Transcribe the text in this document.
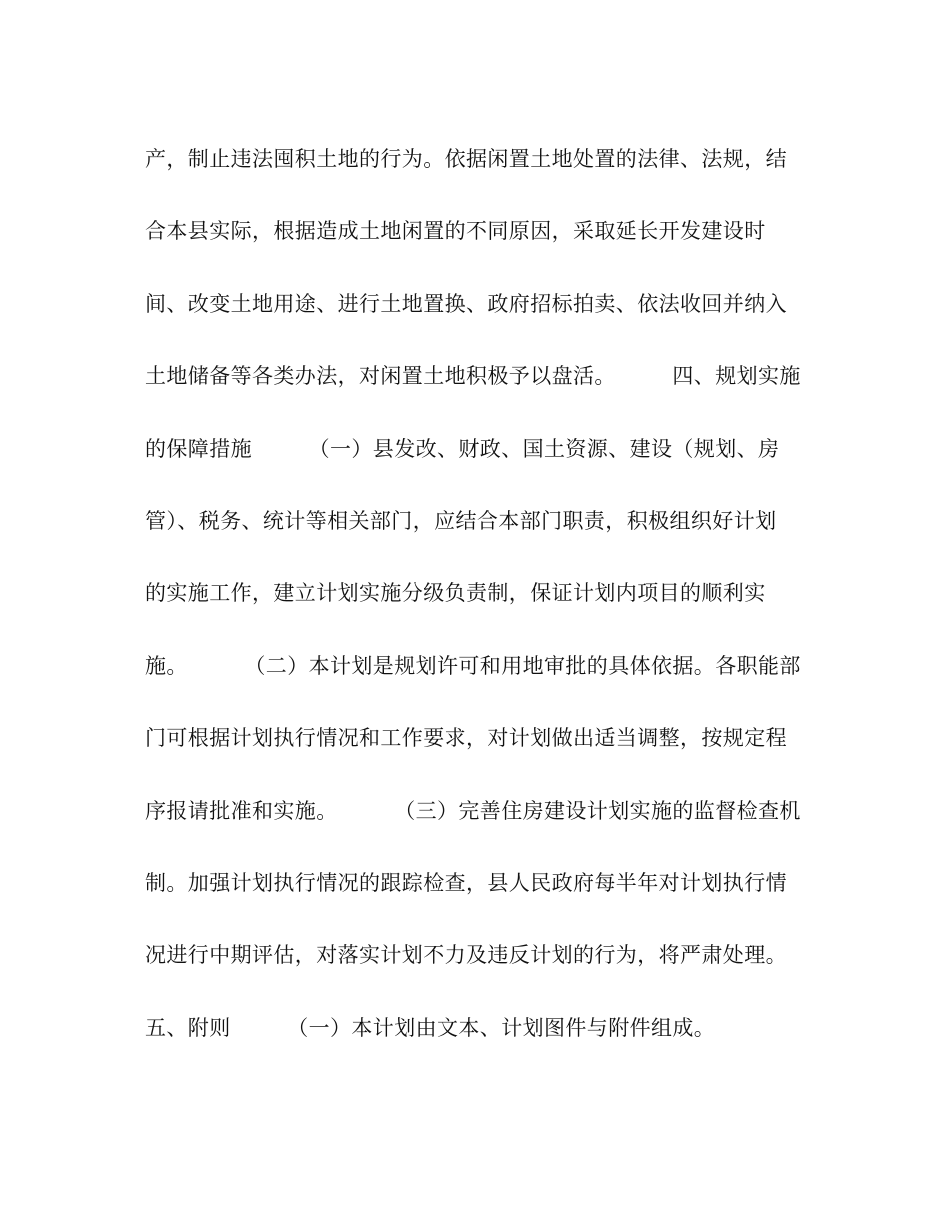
产，制止违法囤积土地的行为。依据闲置土地处置的法律、法规，结
合本县实际，根据造成土地闲置的不同原因，采取延长开发建设时
间、改变土地用途、进行土地置换、政府招标拍卖、依法收回并纳入
土地储备等各类办法，对闲置土地积极予以盘活。        四、规划实施
的保障措施        （一）县发改、财政、国土资源、建设（规划、房
管）、税务、统计等相关部门，应结合本部门职责，积极组织好计划
的实施工作，建立计划实施分级负责制，保证计划内项目的顺利实
施。        （二）本计划是规划许可和用地审批的具体依据。各职能部
门可根据计划执行情况和工作要求，对计划做出适当调整，按规定程
序报请批准和实施。        （三）完善住房建设计划实施的监督检查机
制。加强计划执行情况的跟踪检查，县人民政府每半年对计划执行情
况进行中期评估，对落实计划不力及违反计划的行为，将严肃处理。
五、附则        （一）本计划由文本、计划图件与附件组成。
